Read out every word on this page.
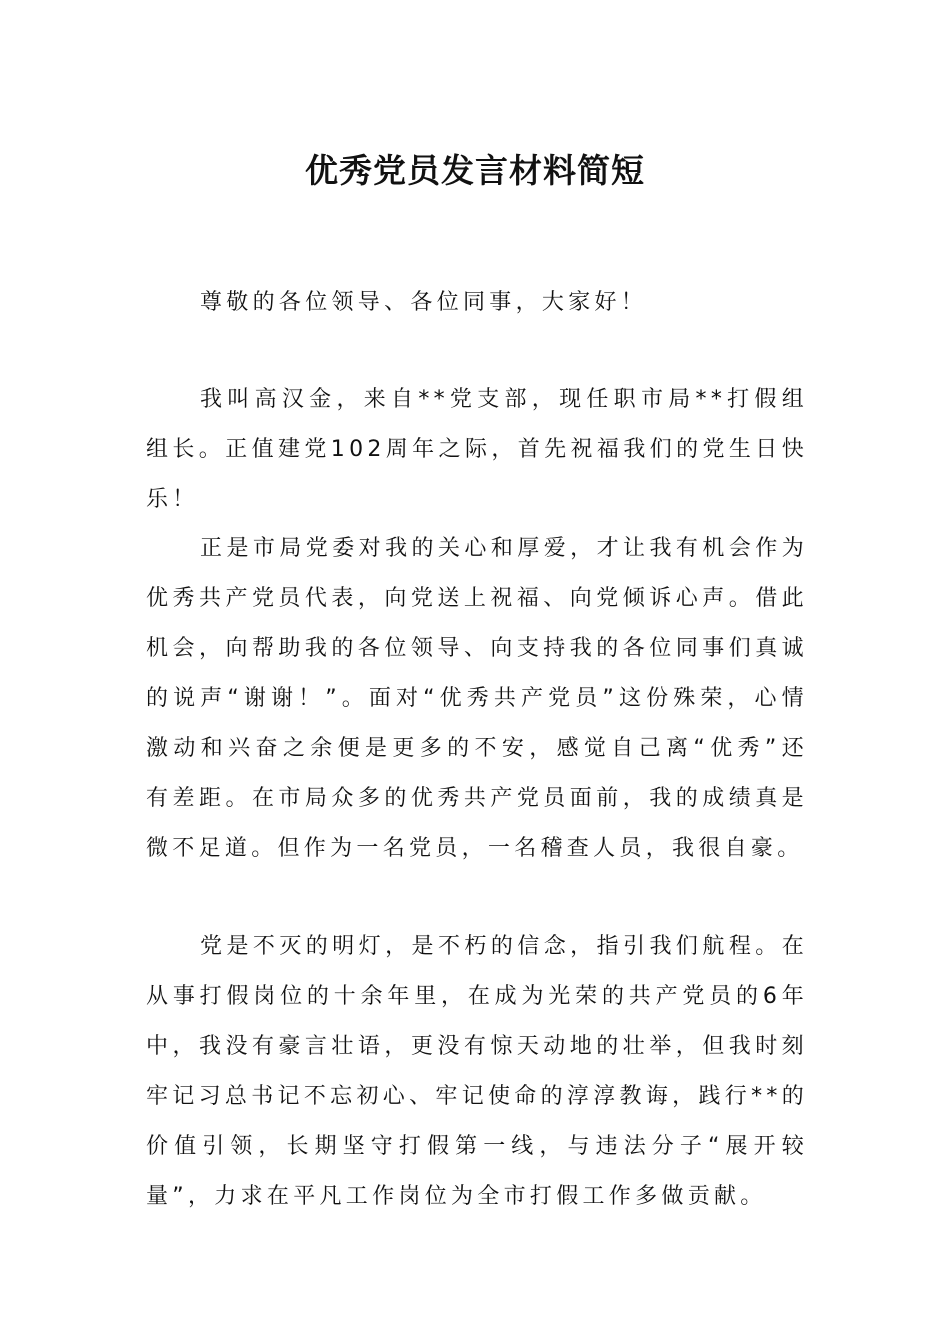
优秀党员发言材料简短

尊敬的各位领导、各位同事，大家好！

我叫高汉金，来自**党支部，现任职市局**打假组组长。正值建党102周年之际，首先祝福我们的党生日快乐！

正是市局党委对我的关心和厚爱，才让我有机会作为优秀共产党员代表，向党送上祝福、向党倾诉心声。借此机会，向帮助我的各位领导、向支持我的各位同事们真诚的说声“谢谢！”。面对“优秀共产党员”这份殊荣，心情激动和兴奋之余便是更多的不安，感觉自己离“优秀”还有差距。在市局众多的优秀共产党员面前，我的成绩真是微不足道。但作为一名党员，一名稽查人员，我很自豪。

党是不灭的明灯，是不朽的信念，指引我们航程。在从事打假岗位的十余年里，在成为光荣的共产党员的6年中，我没有豪言壮语，更没有惊天动地的壮举，但我时刻牢记习总书记不忘初心、牢记使命的淳淳教诲，践行**的价值引领，长期坚守打假第一线，与违法分子“展开较量”，力求在平凡工作岗位为全市打假工作多做贡献。
